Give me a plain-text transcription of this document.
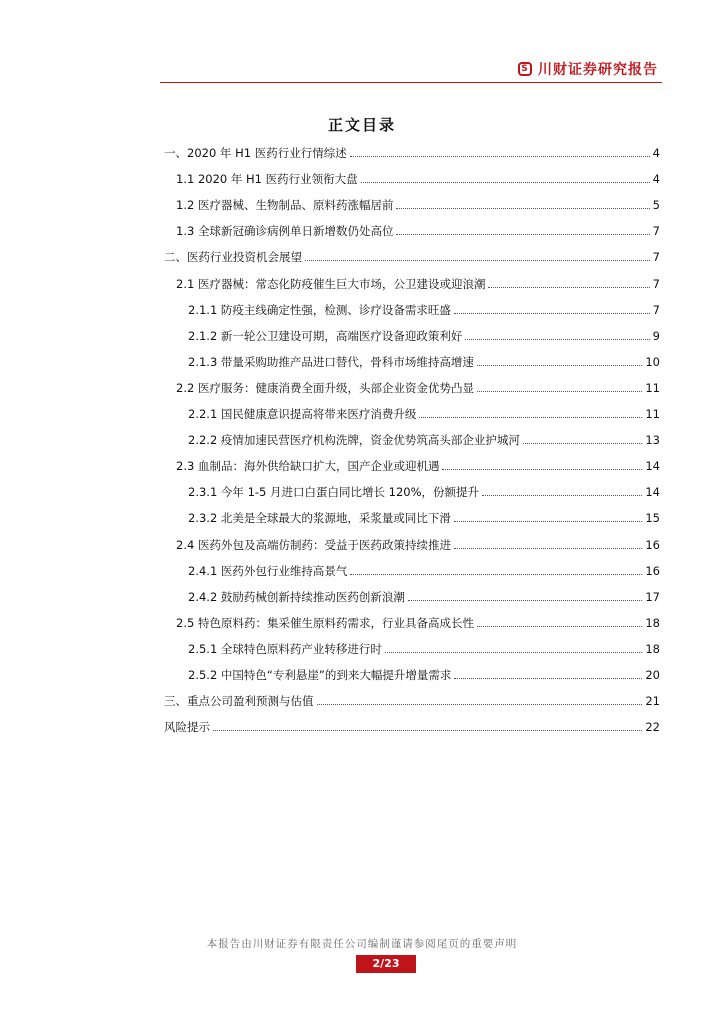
S 川财证券研究报告
正文目录
一、2020 年 H1 医药行业行情综述	4
1.1 2020 年 H1 医药行业领衔大盘	4
1.2 医疗器械、生物制品、原料药涨幅居前	5
1.3 全球新冠确诊病例单日新增数仍处高位	7
二、医药行业投资机会展望	7
2.1 医疗器械：常态化防疫催生巨大市场，公卫建设或迎浪潮	7
2.1.1 防疫主线确定性强，检测、诊疗设备需求旺盛	7
2.1.2 新一轮公卫建设可期，高端医疗设备迎政策利好	9
2.1.3 带量采购助推产品进口替代，骨科市场维持高增速	10
2.2 医疗服务：健康消费全面升级，头部企业资金优势凸显	11
2.2.1 国民健康意识提高将带来医疗消费升级	11
2.2.2 疫情加速民营医疗机构洗牌，资金优势筑高头部企业护城河	13
2.3 血制品：海外供给缺口扩大，国产企业或迎机遇	14
2.3.1 今年 1-5 月进口白蛋白同比增长 120%，份额提升	14
2.3.2 北美是全球最大的浆源地，采浆量或同比下滑	15
2.4 医药外包及高端仿制药：受益于医药政策持续推进	16
2.4.1 医药外包行业维持高景气	16
2.4.2 鼓励药械创新持续推动医药创新浪潮	17
2.5 特色原料药：集采催生原料药需求，行业具备高成长性	18
2.5.1 全球特色原料药产业转移进行时	18
2.5.2 中国特色“专利悬崖”的到来大幅提升增量需求	20
三、重点公司盈利预测与估值	21
风险提示	22
本报告由川财证券有限责任公司编制谨请参阅尾页的重要声明
2/23
